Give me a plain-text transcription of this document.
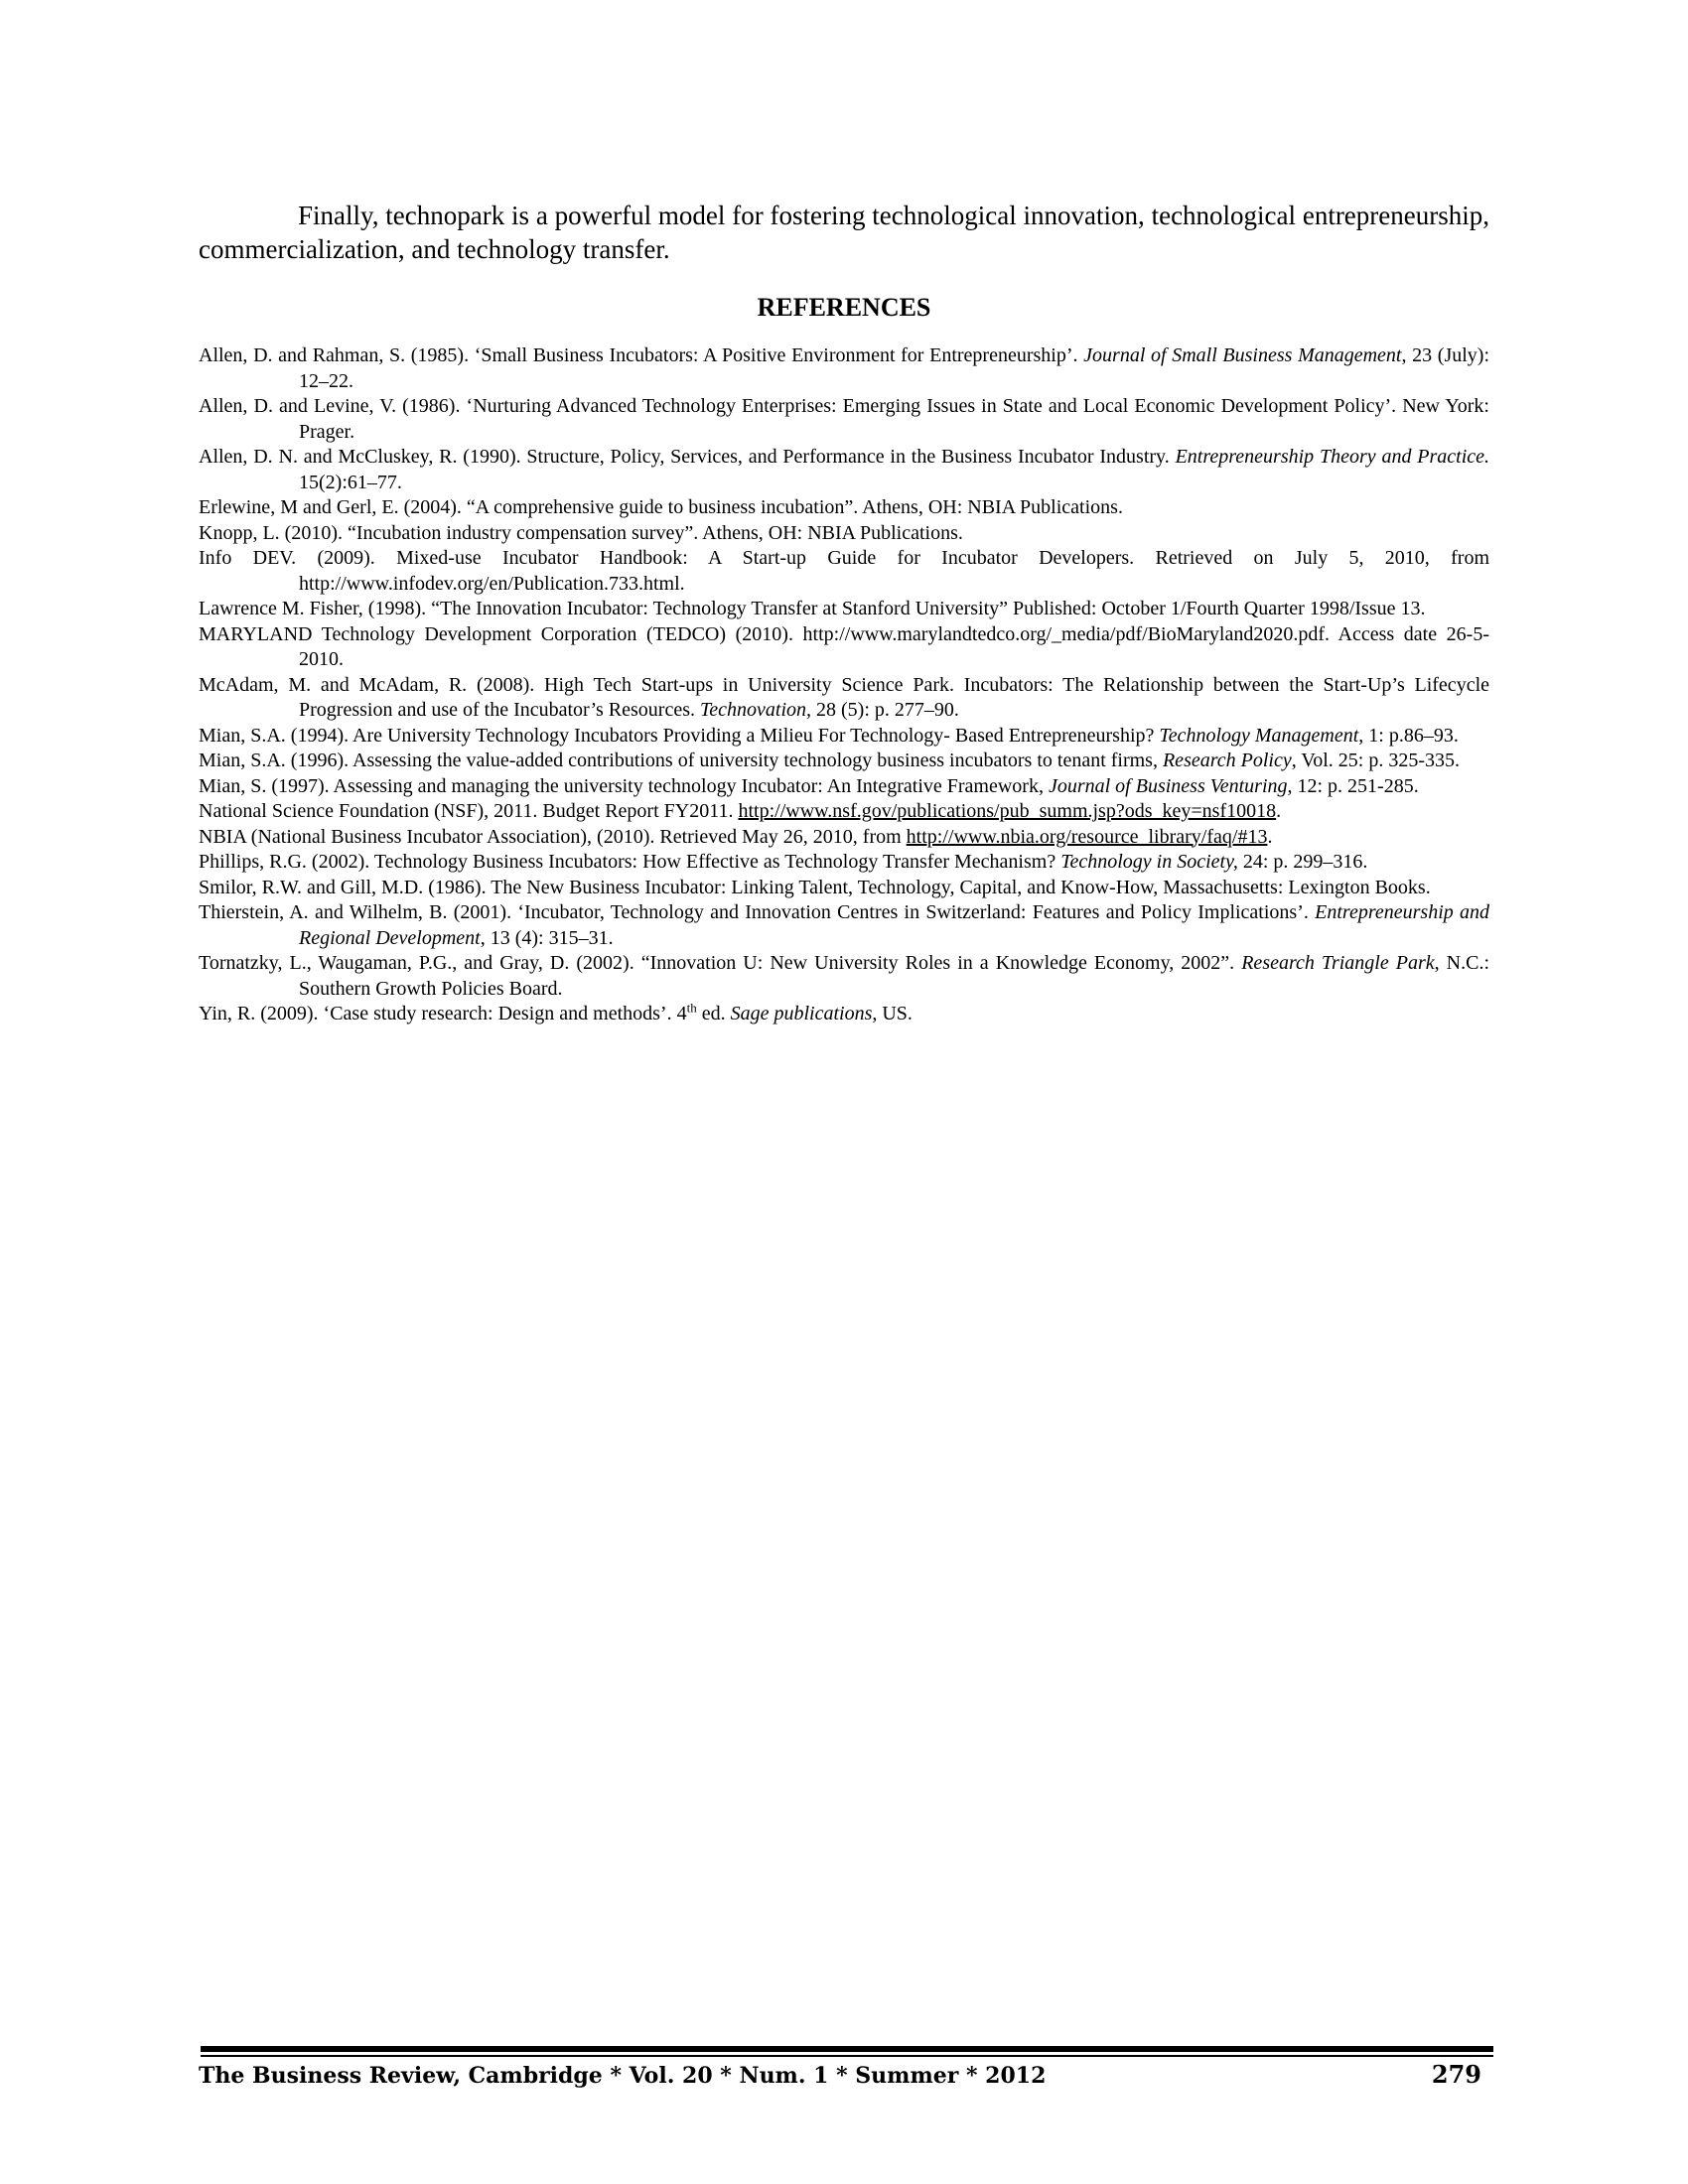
Finally, technopark is a powerful model for fostering technological innovation, technological entrepreneurship, commercialization, and technology transfer.

REFERENCES

Allen, D. and Rahman, S. (1985). ‘Small Business Incubators: A Positive Environment for Entrepreneurship’. Journal of Small Business Management, 23 (July): 12–22.

Allen, D. and Levine, V. (1986). ‘Nurturing Advanced Technology Enterprises: Emerging Issues in State and Local Economic Development Policy’. New York: Prager.

Allen, D. N. and McCluskey, R. (1990). Structure, Policy, Services, and Performance in the Business Incubator Industry. Entrepreneurship Theory and Practice. 15(2):61–77.

Erlewine, M and Gerl, E. (2004). “A comprehensive guide to business incubation”. Athens, OH: NBIA Publications.

Knopp, L. (2010). “Incubation industry compensation survey”. Athens, OH: NBIA Publications.

Info DEV. (2009). Mixed-use Incubator Handbook: A Start-up Guide for Incubator Developers. Retrieved on July 5, 2010, from http://www.infodev.org/en/Publication.733.html.

Lawrence M. Fisher, (1998). “The Innovation Incubator: Technology Transfer at Stanford University” Published: October 1/Fourth Quarter 1998/Issue 13.

MARYLAND Technology Development Corporation (TEDCO) (2010). http://www.marylandtedco.org/_media/pdf/BioMaryland2020.pdf. Access date 26-5-2010.

McAdam, M. and McAdam, R. (2008). High Tech Start-ups in University Science Park. Incubators: The Relationship between the Start-Up’s Lifecycle Progression and use of the Incubator’s Resources. Technovation, 28 (5): p. 277–90.

Mian, S.A. (1994). Are University Technology Incubators Providing a Milieu For Technology- Based Entrepreneurship? Technology Management, 1: p.86–93.

Mian, S.A. (1996). Assessing the value-added contributions of university technology business incubators to tenant firms, Research Policy, Vol. 25: p. 325-335.

Mian, S. (1997). Assessing and managing the university technology Incubator: An Integrative Framework, Journal of Business Venturing, 12: p. 251-285.

National Science Foundation (NSF), 2011. Budget Report FY2011. http://www.nsf.gov/publications/pub_summ.jsp?ods_key=nsf10018.

NBIA (National Business Incubator Association), (2010). Retrieved May 26, 2010, from http://www.nbia.org/resource_library/faq/#13.

Phillips, R.G. (2002). Technology Business Incubators: How Effective as Technology Transfer Mechanism? Technology in Society, 24: p. 299–316.

Smilor, R.W. and Gill, M.D. (1986). The New Business Incubator: Linking Talent, Technology, Capital, and Know-How, Massachusetts: Lexington Books.

Thierstein, A. and Wilhelm, B. (2001). ‘Incubator, Technology and Innovation Centres in Switzerland: Features and Policy Implications’. Entrepreneurship and Regional Development, 13 (4): 315–31.

Tornatzky, L., Waugaman, P.G., and Gray, D. (2002). “Innovation U: New University Roles in a Knowledge Economy, 2002”. Research Triangle Park, N.C.: Southern Growth Policies Board.

Yin, R. (2009). ‘Case study research: Design and methods’. 4th ed. Sage publications, US.

The Business Review, Cambridge * Vol. 20 * Num. 1 * Summer * 2012	279
